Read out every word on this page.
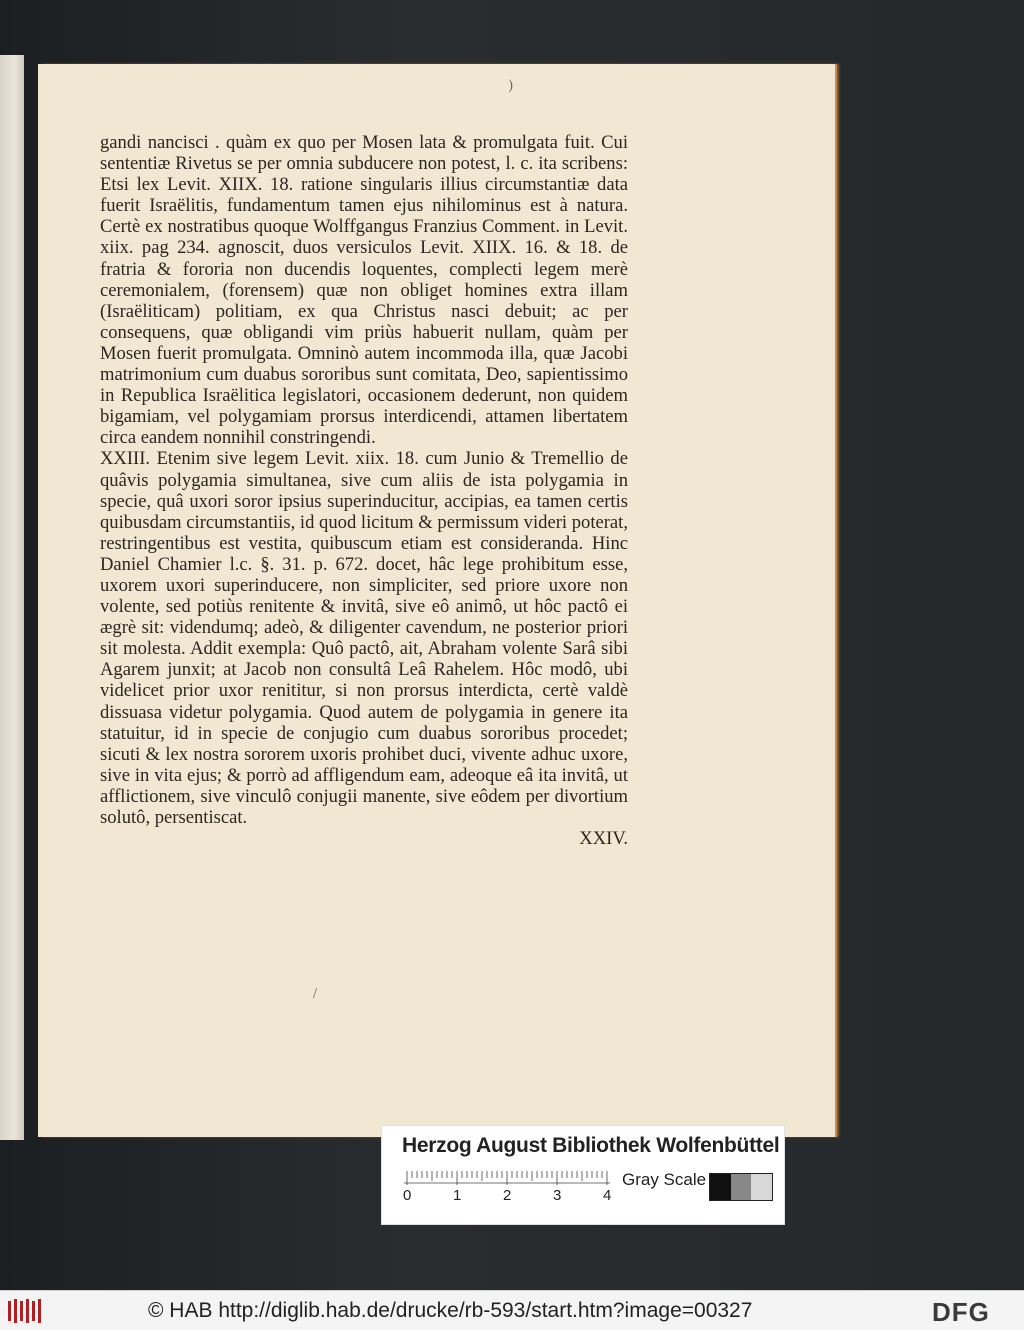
)

gandi nancisci . quàm ex quo per Mosen lata & promulgata fuit. Cui sententiæ Rivetus se per omnia subducere non potest, l. c. ita scribens: Etsi lex Levit. XIIX. 18. ratione singularis illius circumstantiæ data fuerit Israëlitis, fundamentum tamen ejus nihilominus est à natura. Certè ex nostratibus quoque Wolffgangus Franzius Comment. in Levit. xiix. pag 234. agnoscit, duos versiculos Levit. XIIX. 16. & 18. de fratria & fororia non ducendis loquentes, complecti legem merè ceremonialem, (forensem) quæ non obliget homines extra illam (Israëliticam) politiam, ex qua Christus nasci debuit; ac per consequens, quæ obligandi vim priùs habuerit nullam, quàm per Mosen fuerit promulgata. Omninò autem incommoda illa, quæ Jacobi matrimonium cum duabus sororibus sunt comitata, Deo, sapientissimo in Republica Israëlitica legislatori, occasionem dederunt, non quidem bigamiam, vel polygamiam prorsus interdicendi, attamen libertatem circa eandem nonnihil constringendi.

XXIII. Etenim sive legem Levit. xiix. 18. cum Junio & Tremellio de quâvis polygamia simultanea, sive cum aliis de ista polygamia in specie, quâ uxori soror ipsius superinducitur, accipias, ea tamen certis quibusdam circumstantiis, id quod licitum & permissum videri poterat, restringentibus est vestita, quibuscum etiam est consideranda. Hinc Daniel Chamier l.c. §. 31. p. 672. docet, hâc lege prohibitum esse, uxorem uxori superinducere, non simpliciter, sed priore uxore non volente, sed potiùs renitente & invitâ, sive eô animô, ut hôc pactô ei ægrè sit: videndumq; adeò, & diligenter cavendum, ne posterior priori sit molesta. Addit exempla: Quô pactô, ait, Abraham volente Sarâ sibi Agarem junxit; at Jacob non consultâ Leâ Rahelem. Hôc modô, ubi videlicet prior uxor renititur, si non prorsus interdicta, certè valdè dissuasa videtur polygamia. Quod autem de polygamia in genere ita statuitur, id in specie de conjugio cum duabus sororibus procedet; sicuti & lex nostra sororem uxoris prohibet duci, vivente adhuc uxore, sive in vita ejus; & porrò ad affligendum eam, adeoque eâ ita invitâ, ut afflictionem, sive vinculô conjugii manente, sive eôdem per divortium solutô, persentiscat.

XXIV.
/
Herzog August Bibliothek Wolfenbüttel
0	1	2	3	4
Gray Scale
© HAB http://diglib.hab.de/drucke/rb-593/start.htm?image=00327	DFG
